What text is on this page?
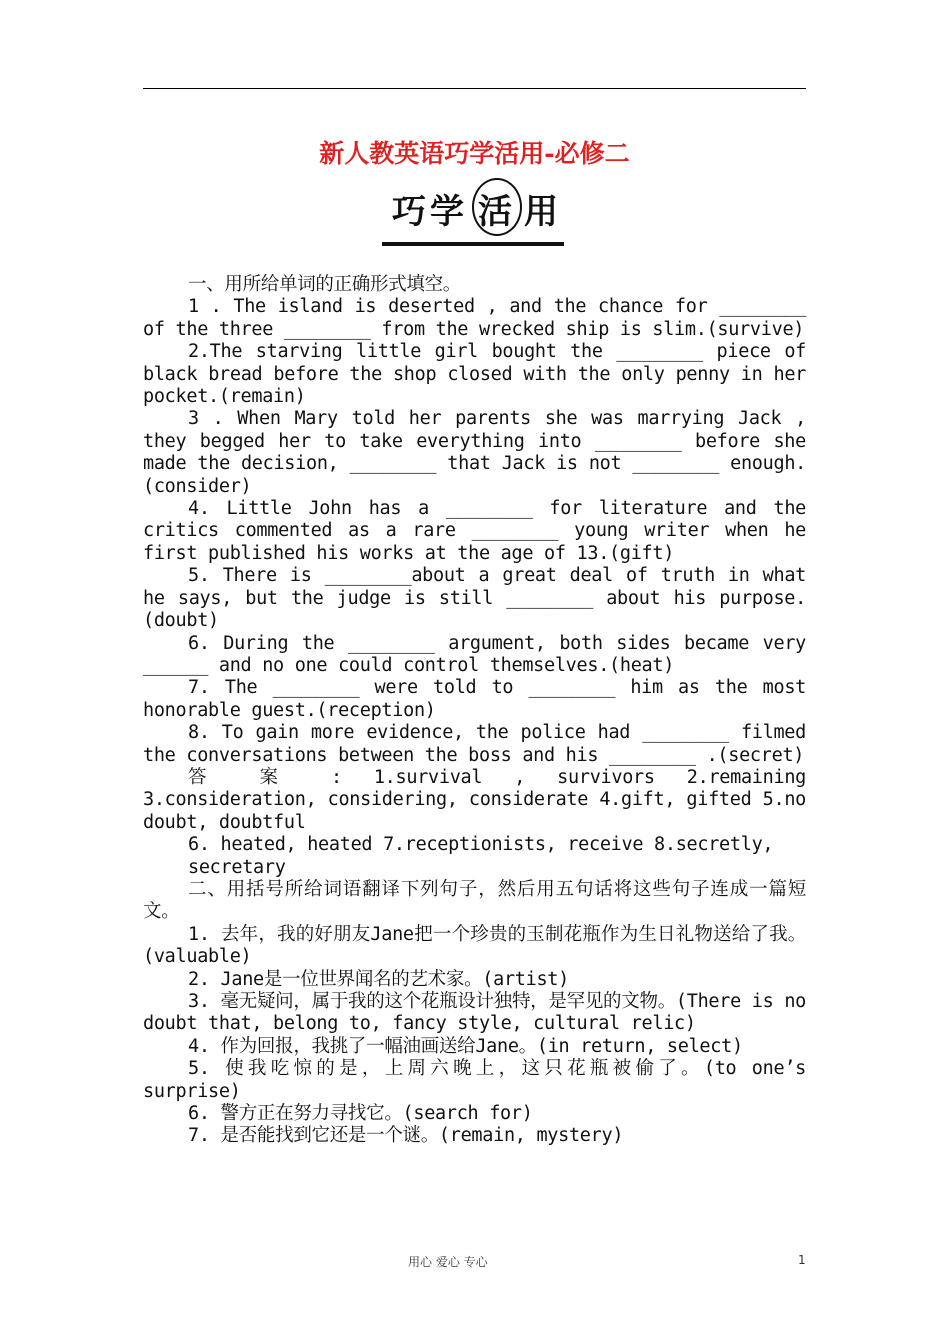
新人教英语巧学活用-必修二
巧 学 活 用

一、用所给单词的正确形式填空。

1 . The island is deserted , and the chance for ________ of the three ________ from the wrecked ship is slim.(survive)

2.The starving little girl bought the ________ piece of black bread before the shop closed with the only penny in her pocket.(remain)

3 . When Mary told her parents she was marrying Jack , they begged her to take everything into ________ before she made the decision, ________ that Jack is not ________ enough.(consider)

4. Little John has a ________ for literature and the critics commented as a rare ________ young writer when he first published his works at the age of 13.(gift)

5. There is ________about a great deal of truth in what he says, but the judge is still ________ about his purpose.(doubt)

6. During the ________ argument, both sides became very ______ and no one could control themselves.(heat)

7. The ________ were told to ________ him as the most honorable guest.(reception)

8. To gain more evidence, the police had ________ filmed the conversations between the boss and his ________ .(secret)

答 案 : 1.survival , survivors 2.remaining 3.consideration, considering, considerate 4.gift, gifted 5.no doubt, doubtful

6. heated, heated 7.receptionists, receive 8.secretly, secretary

二、用括号所给词语翻译下列句子，然后用五句话将这些句子连成一篇短文。

1. 去年，我的好朋友Jane把一个珍贵的玉制花瓶作为生日礼物送给了我。(valuable)

2. Jane是一位世界闻名的艺术家。(artist)

3. 毫无疑问，属于我的这个花瓶设计独特，是罕见的文物。(There is no doubt that, belong to, fancy style, cultural relic)

4. 作为回报，我挑了一幅油画送给Jane。(in return, select)

5. 使我吃惊的是，上周六晚上，这只花瓶被偷了。(to one’s surprise)

6. 警方正在努力寻找它。(search for)

7. 是否能找到它还是一个谜。(remain, mystery)

用心 爱心 专心	1
